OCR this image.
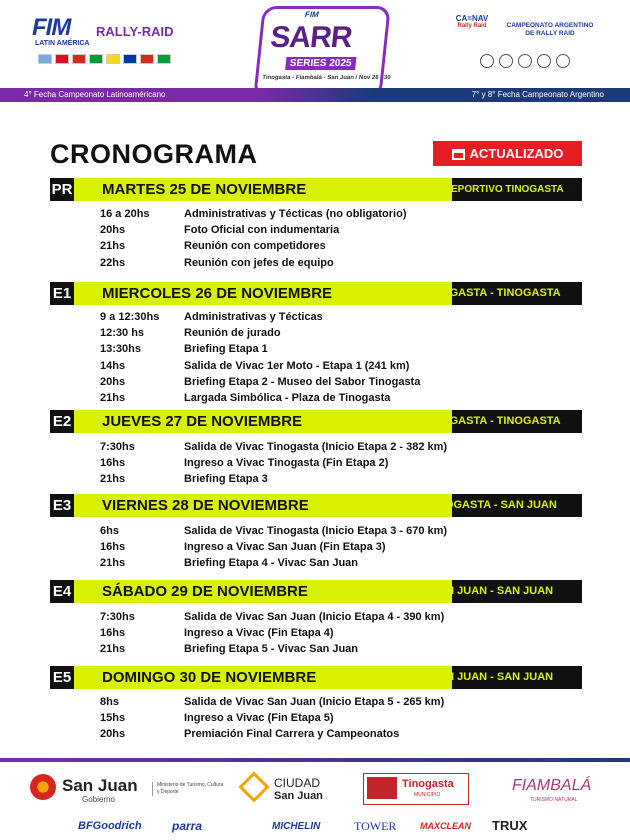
FIM
LATIN AMÉRICA
RALLY-RAID
FIM
SARR
SERIES 2025
Tinogasta - Fiambalá - San Juan / Nov 26 - 30
CA=NAV
Rally Raid	CAMPEONATO ARGENTINO DE RALLY RAID
4° Fecha Campeonato Latinoaméricano	7° y 8° Fecha Campeonato Argentino
CRONOGRAMA	ACTUALIZADO
PR	MARTES 25 DE NOVIEMBRE	POLIDEPORTIVO TINOGASTA
16 a 20hs	Administrativas y Técticas (no obligatorio)
20hs	Foto Oficial con indumentaria
21hs	Reunión con competidores
22hs	Reunión con jefes de equipo
E1	MIERCOLES 26 DE NOVIEMBRE	TINOGASTA - TINOGASTA
9 a 12:30hs Administrativas y Técticas
12:30 hs	Reunión de jurado
13:30hs	Briefing Etapa 1
14hs	Salida de Vivac 1er Moto - Etapa 1 (241 km)
20hs	Briefing Etapa 2 - Museo del Sabor Tinogasta
21hs	Largada Simbólica - Plaza de Tinogasta
E2	JUEVES 27 DE NOVIEMBRE	TINOGASTA - TINOGASTA
7:30hs	Salida de Vivac Tinogasta (Inicio Etapa 2 - 382 km)
16hs	Ingreso a Vivac Tinogasta (Fin Etapa 2)
21hs	Briefing Etapa 3
E3	VIERNES 28 DE NOVIEMBRE	TINOGASTA - SAN JUAN
6hs	Salida de Vivac Tinogasta (Inicio Etapa 3 - 670 km)
16hs	Ingreso a Vivac San Juan (Fin Etapa 3)
21hs	Briefing Etapa 4 - Vivac San Juan
E4	SÁBADO 29 DE NOVIEMBRE	SAN JUAN - SAN JUAN
7:30hs	Salida de Vivac San Juan (Inicio Etapa 4 - 390 km)
16hs	Ingreso a Vivac (Fin Etapa 4)
21hs	Briefing Etapa 5 - Vivac San Juan
E5	DOMINGO 30 DE NOVIEMBRE	SAN JUAN - SAN JUAN
8hs	Salida de Vivac San Juan (Inicio Etapa 5 - 265 km)
15hs	Ingreso a Vivac (Fin Etapa 5)
20hs	Premiación Final Carrera y Campeonatos
San Juan
Gobierno
Ministerio de Turismo, Cultura y Deporte
CIUDAD
San Juan
Tinogasta
MUNICIPIO
FIAMBALÁ
TURISMO NATURAL
BFGoodrich	parra	MICHELIN	TOWER	MAXCLEAN TRUX
